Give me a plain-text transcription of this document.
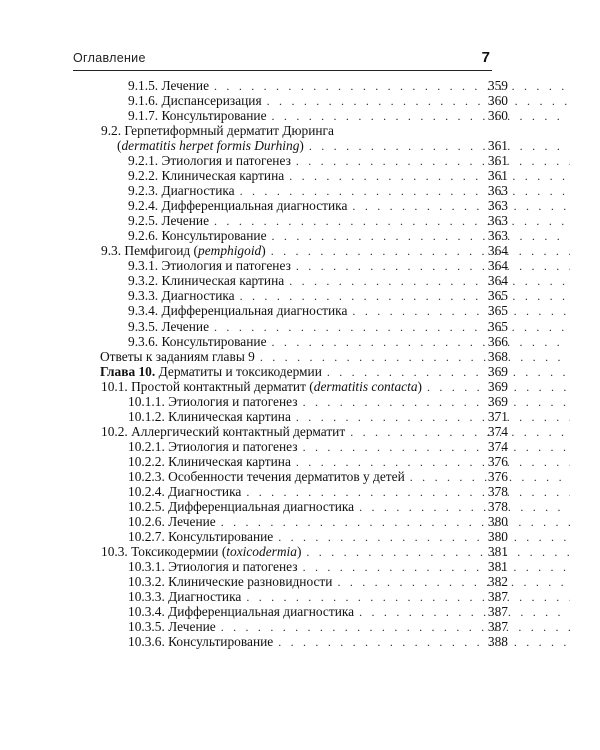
Оглавление	7
9.1.5. Лечение . . .	359
9.1.6. Диспансеризация . . .	360
9.1.7. Консультирование . . .	360
9.2. Герпетиформный дерматит Дюринга
(dermatitis herpet formis Durhing) . . .	361
9.2.1. Этиология и патогенез . . .	361
9.2.2. Клиническая картина . . .	361
9.2.3. Диагностика . . .	363
9.2.4. Дифференциальная диагностика . . .	363
9.2.5. Лечение . . .	363
9.2.6. Консультирование . . .	363
9.3. Пемфигоид (pemphigoid) . . .	364
9.3.1. Этиология и патогенез . . .	364
9.3.2. Клиническая картина . . .	364
9.3.3. Диагностика . . .	365
9.3.4. Дифференциальная диагностика . . .	365
9.3.5. Лечение . . .	365
9.3.6. Консультирование . . .	366
Ответы к заданиям главы 9 . . .	368
Глава 10. Дерматиты и токсикодермии . . .	369
10.1. Простой контактный дерматит (dermatitis contacta) . . .	369
10.1.1. Этиология и патогенез . . .	369
10.1.2. Клиническая картина . . .	371
10.2. Аллергический контактный дерматит . . .	374
10.2.1. Этиология и патогенез . . .	374
10.2.2. Клиническая картина . . .	376
10.2.3. Особенности течения дерматитов у детей . . .	376
10.2.4. Диагностика . . .	378
10.2.5. Дифференциальная диагностика . . .	378
10.2.6. Лечение . . .	380
10.2.7. Консультирование . . .	380
10.3. Токсикодермии (toxicodermia) . . .	381
10.3.1. Этиология и патогенез . . .	381
10.3.2. Клинические разновидности . . .	382
10.3.3. Диагностика . . .	387
10.3.4. Дифференциальная диагностика . . .	387
10.3.5. Лечение . . .	387
10.3.6. Консультирование . . .	388
